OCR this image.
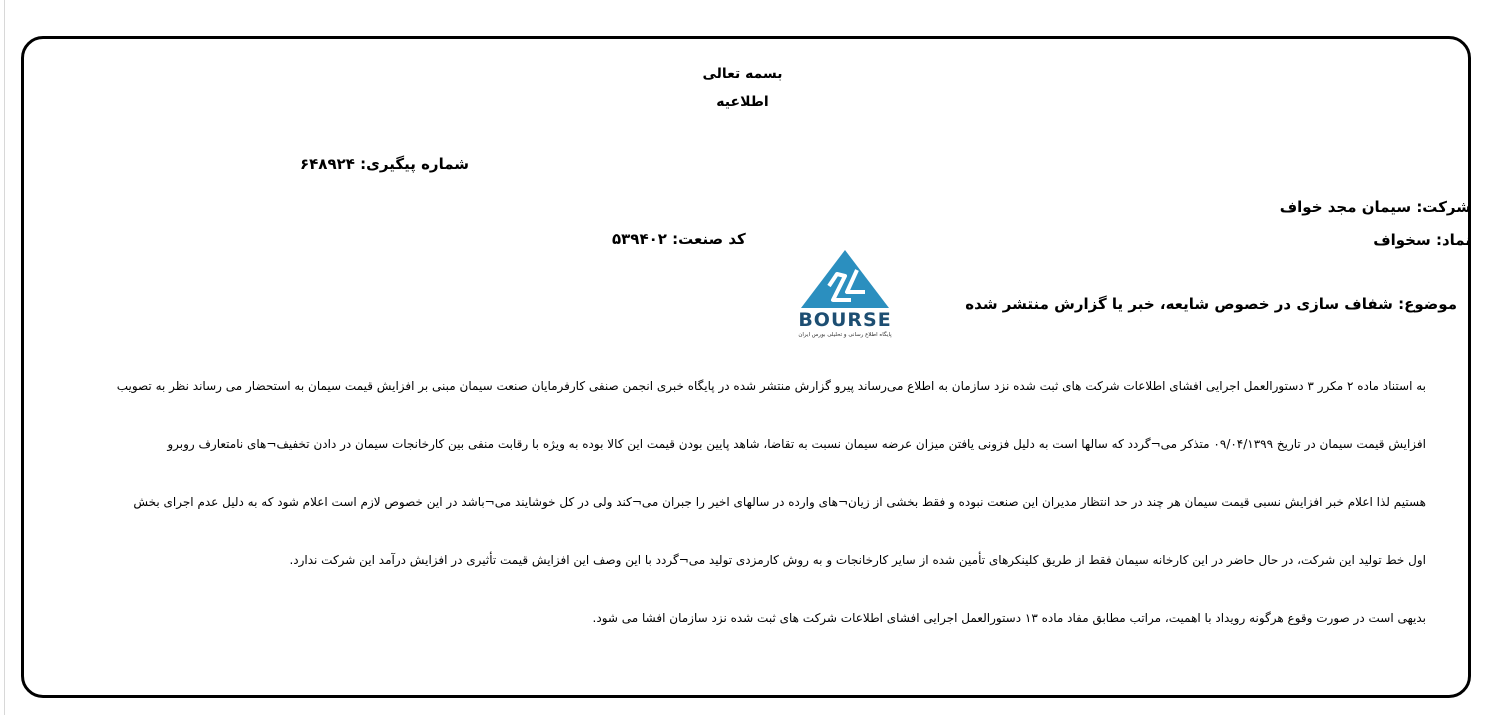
بسمه تعالی
اطلاعیه
شماره پیگیری: ۶۴۸۹۲۴
شرکت: سیمان مجد خواف
نماد: سخواف
کد صنعت: ۵۳۹۴۰۲
BOURSE
پایگاه اطلاع رسانی و تحلیلی بورس ایران
موضوع: شفاف سازی در خصوص شایعه، خبر یا گزارش منتشر شده
به استناد ماده ۲ مکرر ۳ دستورالعمل اجرایی افشای اطلاعات شرکت های ثبت شده نزد سازمان به اطلاع می‌رساند پیرو گزارش منتشر شده در پایگاه خبری انجمن صنفی کارفرمایان صنعت سیمان مبنی بر افزایش قیمت سیمان به استحضار می رساند نظر به تصویب
افزایش قیمت سیمان در تاریخ ۰۹/۰۴/۱۳۹۹ متذکر می¬گردد که سالها است به دلیل فزونی یافتن میزان عرضه سیمان نسبت به تقاضا، شاهد پایین بودن قیمت این کالا بوده به ویژه با رقابت منفی بین کارخانجات سیمان در دادن تخفیف¬های نامتعارف روبرو
هستیم لذا اعلام خبر افزایش نسبی قیمت سیمان هر چند در حد انتظار مدیران این صنعت نبوده و فقط بخشی از زیان¬های وارده در سالهای اخیر را جبران می¬کند ولی در کل خوشایند می¬باشد در این خصوص لازم است اعلام شود که به دلیل عدم اجرای بخش
اول خط تولید این شرکت، در حال حاضر در این کارخانه سیمان فقط از طریق کلینکرهای تأمین شده از سایر کارخانجات و به روش کارمزدی تولید می¬گردد با این وصف این افزایش قیمت تأثیری در افزایش درآمد این شرکت ندارد.
بدیهی است در صورت وقوع هرگونه رویداد با اهمیت، مراتب مطابق مفاد ماده ۱۳ دستورالعمل اجرایی افشای اطلاعات شرکت های ثبت شده نزد سازمان افشا می شود.
